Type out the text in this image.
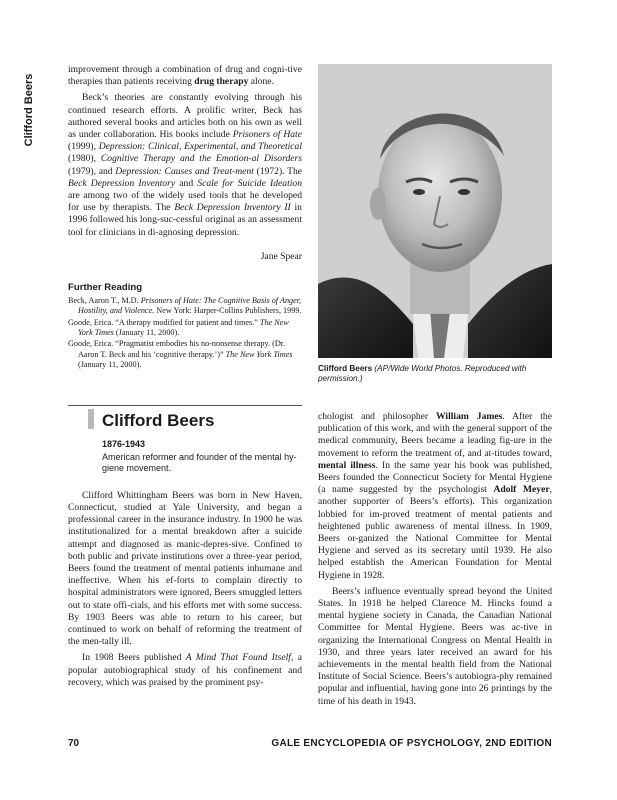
Clifford Beers

improvement through a combination of drug and cogni-tive therapies than patients receiving drug therapy alone.

Beck’s theories are constantly evolving through his continued research efforts. A prolific writer, Beck has authored several books and articles both on his own as well as under collaboration. His books include Prisoners of Hate (1999), Depression: Clinical, Experimental, and Theoretical (1980), Cognitive Therapy and the Emotion-al Disorders (1979), and Depression: Causes and Treat-ment (1972). The Beck Depression Inventory and Scale for Suicide Ideation are among two of the widely used tools that he developed for use by therapists. The Beck Depression Inventory II in 1996 followed his long-suc-cessful original as an assessment tool for clinicians in di-agnosing depression.

Jane Spear
Further Reading

Beck, Aaron T., M.D. Prisoners of Hate: The Cognitive Basis of Anger, Hostility, and Violence. New York: Harper-Collins Publishers, 1999.

Goode, Erica. “A therapy modified for patient and times.” The New York Times (January 11, 2000).

Goode, Erica. “Pragmatist embodies his no-nonsense therapy. (Dr. Aaron T. Beck and his ‘cognitive therapy.’)” The New York Times (January 11, 2000).

Clifford Beers
1876-1943
American reformer and founder of the mental hy-giene movement.

Clifford Whittingham Beers was born in New Haven, Connecticut, studied at Yale University, and began a professional career in the insurance industry. In 1900 he was institutionalized for a mental breakdown after a suicide attempt and diagnosed as manic-depres-sive. Confined to both public and private institutions over a three-year period, Beers found the treatment of mental patients inhumane and ineffective. When his ef-forts to complain directly to hospital administrators were ignored, Beers smuggled letters out to state offi-cials, and his efforts met with some success. By 1903 Beers was able to return to his career, but continued to work on behalf of reforming the treatment of the men-tally ill.

In 1908 Beers published A Mind That Found Itself, a popular autobiographical study of his confinement and recovery, which was praised by the prominent psy-

Clifford Beers (AP/Wide World Photos. Reproduced with permission.)

chologist and philosopher William James. After the publication of this work, and with the general support of the medical community, Beers became a leading fig-ure in the movement to reform the treatment of, and at-titudes toward, mental illness. In the same year his book was published, Beers founded the Connecticut Society for Mental Hygiene (a name suggested by the psychologist Adolf Meyer, another supporter of Beers’s efforts). This organization lobbied for im-proved treatment of mental patients and heightened public awareness of mental illness. In 1909, Beers or-ganized the National Committee for Mental Hygiene and served as its secretary until 1939. He also helped establish the American Foundation for Mental Hygiene in 1928.

Beers’s influence eventually spread beyond the United States. In 1918 he helped Clarence M. Hincks found a mental hygiene society in Canada, the Canadian National Committee for Mental Hygiene. Beers was ac-tive in organizing the International Congress on Mental Health in 1930, and three years later received an award for his achievements in the mental health field from the National Institute of Social Science. Beers’s autobiogra-phy remained popular and influential, having gone into 26 printings by the time of his death in 1943.

70	GALE ENCYCLOPEDIA OF PSYCHOLOGY, 2ND EDITION
